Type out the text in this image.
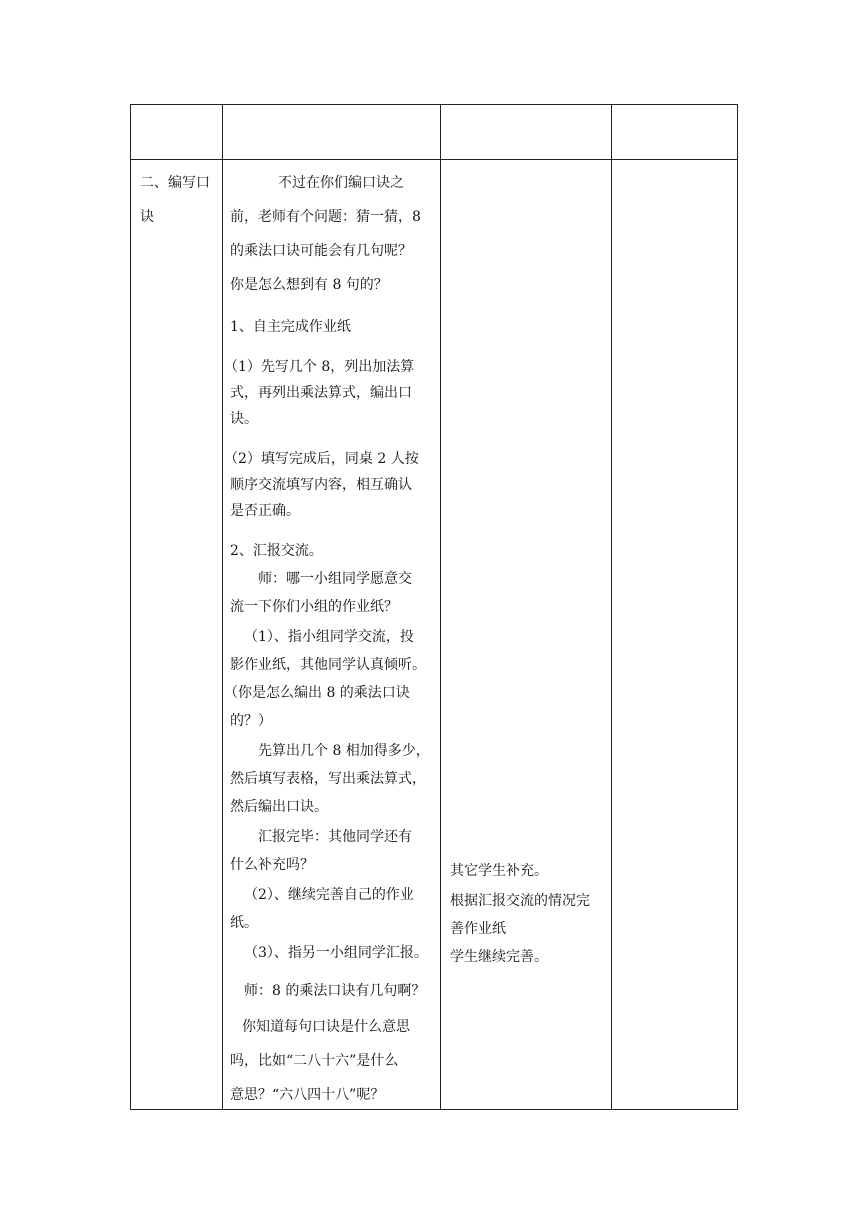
二、编写口
诀
不过在你们编口诀之
前，老师有个问题：猜一猜，8
的乘法口诀可能会有几句呢？
你是怎么想到有 8 句的？
1、自主完成作业纸
（1）先写几个 8，列出加法算
式，再列出乘法算式，编出口
诀。
（2）填写完成后，同桌 2 人按
顺序交流填写内容，相互确认
是否正确。
2、汇报交流。
师：哪一小组同学愿意交
流一下你们小组的作业纸？
（1）、指小组同学交流，投
影作业纸，其他同学认真倾听。
（你是怎么编出 8 的乘法口诀
的？）
先算出几个 8 相加得多少，
然后填写表格，写出乘法算式，
然后编出口诀。
汇报完毕：其他同学还有
什么补充吗？
（2）、继续完善自己的作业
纸。
（3）、指另一小组同学汇报。
师：8 的乘法口诀有几句啊？
你知道每句口诀是什么意思
吗，比如“二八十六”是什么
意思？“六八四十八”呢？
其它学生补充。
根据汇报交流的情况完
善作业纸
学生继续完善。
